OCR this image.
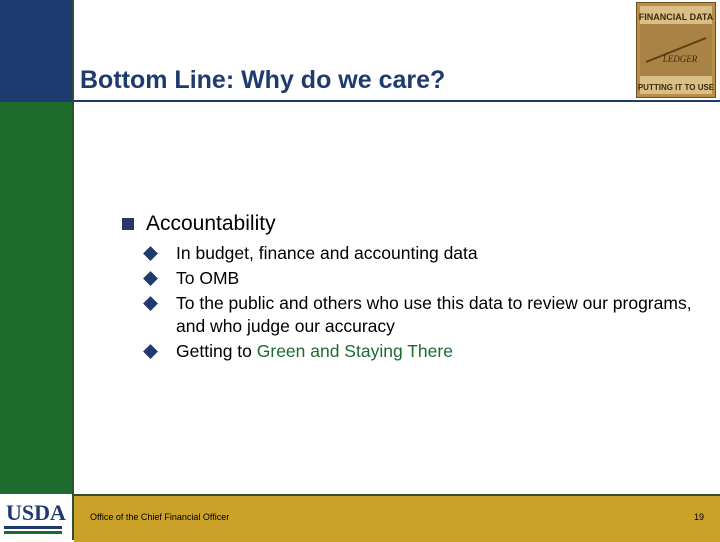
Bottom Line: Why do we care?
FINANCIAL DATA
LEDGER
PUTTING IT TO USE
Accountability
In budget, finance and accounting data
To OMB
To the public and others who use this data to review our programs, and who judge our accuracy
Getting to Green and Staying There
Office of the Chief Financial Officer	19
USDA
